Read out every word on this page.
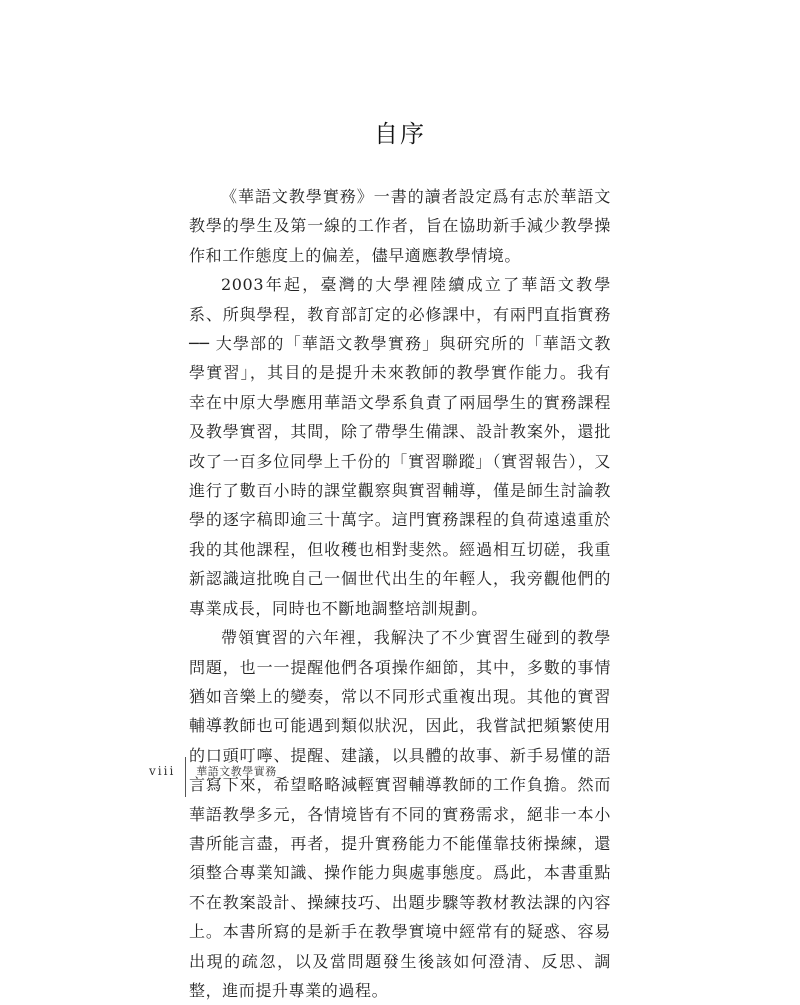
自序

《華語文教學實務》一書的讀者設定爲有志於華語文教學的學生及第一線的工作者，旨在協助新手減少教學操作和工作態度上的偏差，儘早適應教學情境。

2003年起，臺灣的大學裡陸續成立了華語文教學系、所與學程，教育部訂定的必修課中，有兩門直指實務── 大學部的「華語文教學實務」與研究所的「華語文教學實習」，其目的是提升未來教師的教學實作能力。我有幸在中原大學應用華語文學系負責了兩屆學生的實務課程及教學實習，其間，除了帶學生備課、設計教案外，還批改了一百多位同學上千份的「實習聯蹤」（實習報告），又進行了數百小時的課堂觀察與實習輔導，僅是師生討論教學的逐字稿即逾三十萬字。這門實務課程的負荷遠遠重於我的其他課程，但收穫也相對斐然。經過相互切磋，我重新認識這批晚自己一個世代出生的年輕人，我旁觀他們的專業成長，同時也不斷地調整培訓規劃。

帶領實習的六年裡，我解決了不少實習生碰到的教學問題，也一一提醒他們各項操作細節，其中，多數的事情猶如音樂上的變奏，常以不同形式重複出現。其他的實習輔導教師也可能遇到類似狀況，因此，我嘗試把頻繁使用的口頭叮嚀、提醒、建議，以具體的故事、新手易懂的語言寫下來，希望略略減輕實習輔導教師的工作負擔。然而華語教學多元，各情境皆有不同的實務需求，絕非一本小書所能言盡，再者，提升實務能力不能僅靠技術操練，還須整合專業知識、操作能力與處事態度。爲此，本書重點不在教案設計、操練技巧、出題步驟等教材教法課的內容上。本書所寫的是新手在教學實境中經常有的疑惑、容易出現的疏忽，以及當問題發生後該如何澄清、反思、調整，進而提升專業的過程。

viii	華語文教學實務
